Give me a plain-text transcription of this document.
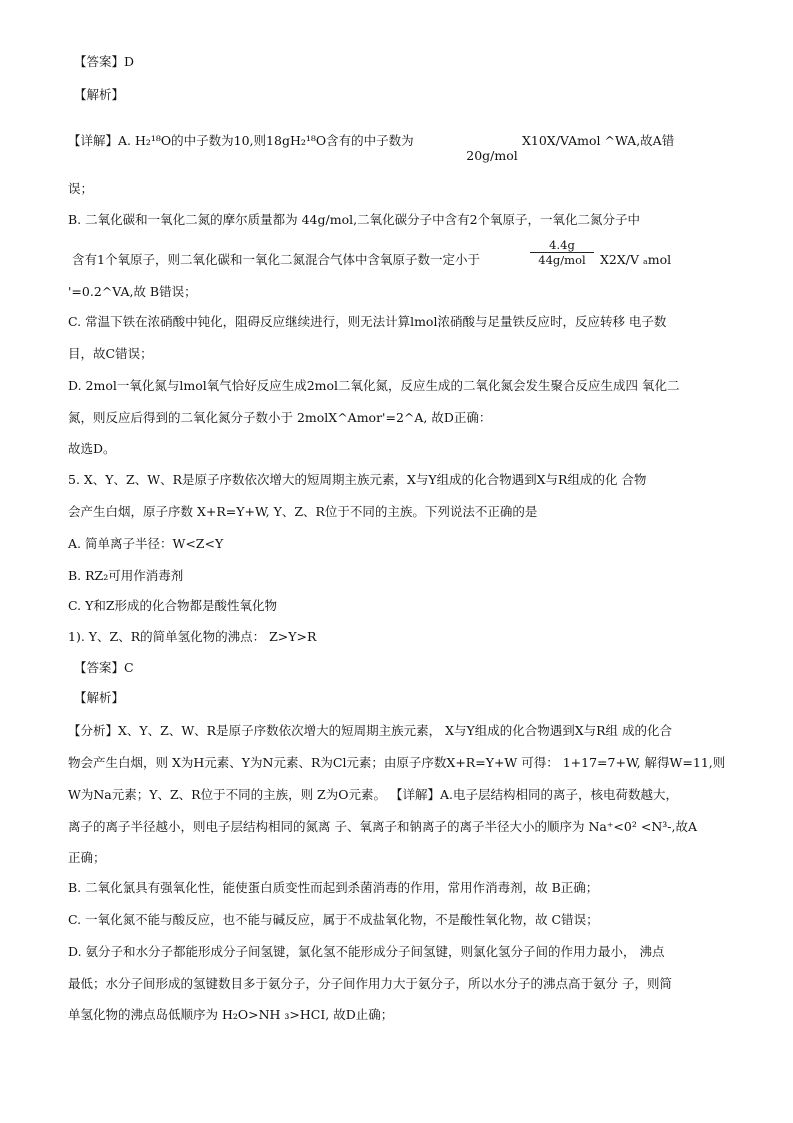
【答案】D
【解析】
【详解】A. H₂¹⁸O的中子数为10,则18gH₂¹⁸O含有的中子数为

20g/mol
X10X/VAmol ^WA,故A错
误；
B. 二氧化碳和一氧化二氮的摩尔质量都为 44g/mol,二氧化碳分子中含有2个氧原子，一氧化二氮分子中
含有1个氧原子，则二氧化碳和一氧化二氮混合气体中含氧原子数一定小于
4.4g
44g/mol	X2X/V ₐmol
'=0.2^VA,故 B错误；
C. 常温下铁在浓硝酸中钝化，阻碍反应继续进行，则无法计算lmol浓硝酸与足量铁反应时，反应转移 电子数
目，故C错误；
D. 2mol一氧化氮与lmol氧气恰好反应生成2mol二氧化氮，反应生成的二氧化氮会发生聚合反应生成四 氧化二
氮，则反应后得到的二氧化氮分子数小于 2molX^Amor'=2^A, 故D正确：
故选D。
5. X、Y、Z、W、R是原子序数依次增大的短周期主族元素，X与Y组成的化合物遇到X与R组成的化 合物
会产生白烟，原子序数 X+R=Y+W, Y、Z、R位于不同的主族。下列说法不正确的是
A. 简单离子半径：W<Z<Y
B. RZ₂可用作消毒剂
C. Y和Z形成的化合物都是酸性氧化物
1). Y、Z、R的简单氢化物的沸点： Z>Y>R
【答案】C
【解析】
【分析】X、Y、Z、W、R是原子序数依次增大的短周期主族元素， X与Y组成的化合物遇到X与R组 成的化合
物会产生白烟，则 X为H元素、Y为N元素、R为Cl元素；由原子序数X+R=Y+W 可得： 1+17=7+W, 解得W=11,则
W为Na元素；Y、Z、R位于不同的主族，则 Z为O元素。 【详解】A.电子层结构相同的离子，核电荷数越大，
离子的离子半径越小，则电子层结构相同的氮离 子、氧离子和钠离子的离子半径大小的顺序为 Na⁺<0² <N³-,故A
正确；
B. 二氧化氯具有强氧化性，能使蛋白质变性而起到杀菌消毒的作用，常用作消毒剂，故 B正确；
C. 一氧化氮不能与酸反应，也不能与碱反应，属于不成盐氧化物，不是酸性氧化物，故 C错误；
D. 氨分子和水分子都能形成分子间氢键，氯化氢不能形成分子间氢键，则氯化氢分子间的作用力最小， 沸点
最低；水分子间形成的氢键数目多于氨分子，分子间作用力大于氨分子，所以水分子的沸点高于氨分 子，则简
单氢化物的沸点岛低顺序为 H₂O>NH ₃>HCI, 故D止确；
